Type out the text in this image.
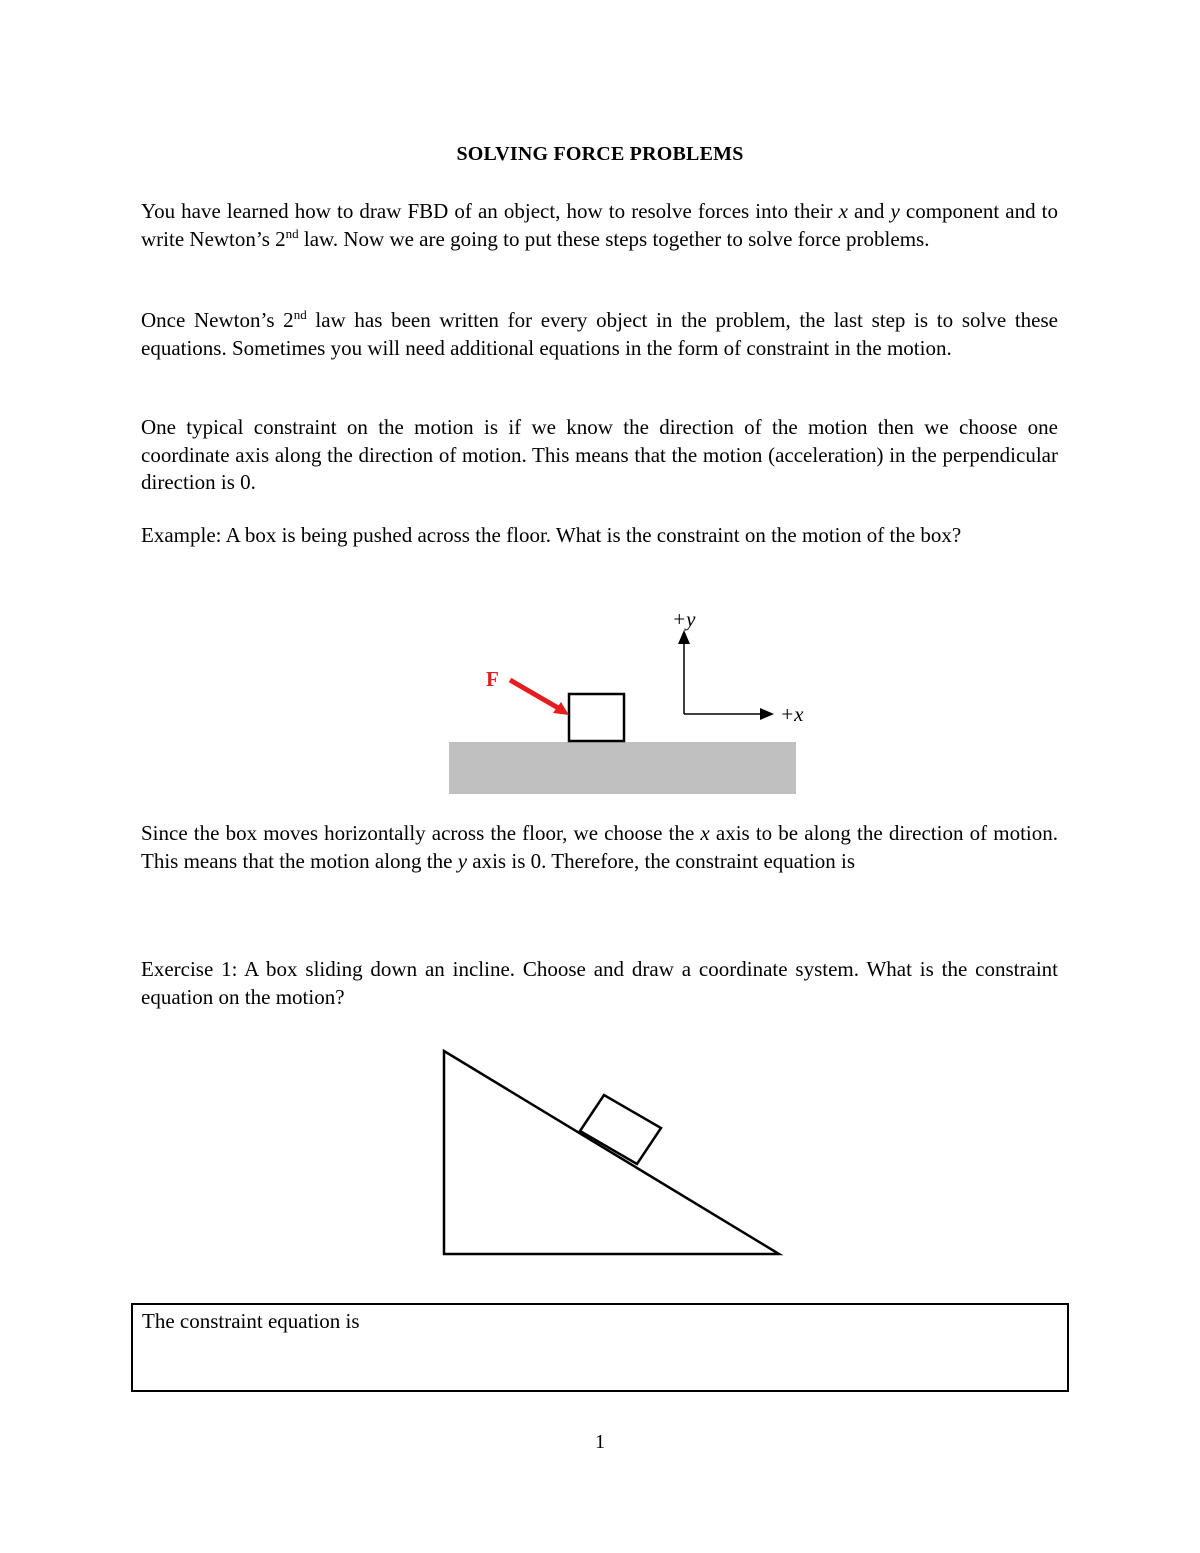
SOLVING FORCE PROBLEMS

You have learned how to draw FBD of an object, how to resolve forces into their x and y component and to write Newton’s 2nd law. Now we are going to put these steps together to solve force problems.

Once Newton’s 2nd law has been written for every object in the problem, the last step is to solve these equations. Sometimes you will need additional equations in the form of constraint in the motion.

One typical constraint on the motion is if we know the direction of the motion then we choose one coordinate axis along the direction of motion. This means that the motion (acceleration) in the perpendicular direction is 0.

Example: A box is being pushed across the floor. What is the constraint on the motion of the box?

F
+y
+x

Since the box moves horizontally across the floor, we choose the x axis to be along the direction of motion. This means that the motion along the y axis is 0. Therefore, the constraint equation is

Exercise 1: A box sliding down an incline. Choose and draw a coordinate system. What is the constraint equation on the motion?

The constraint equation is
1
